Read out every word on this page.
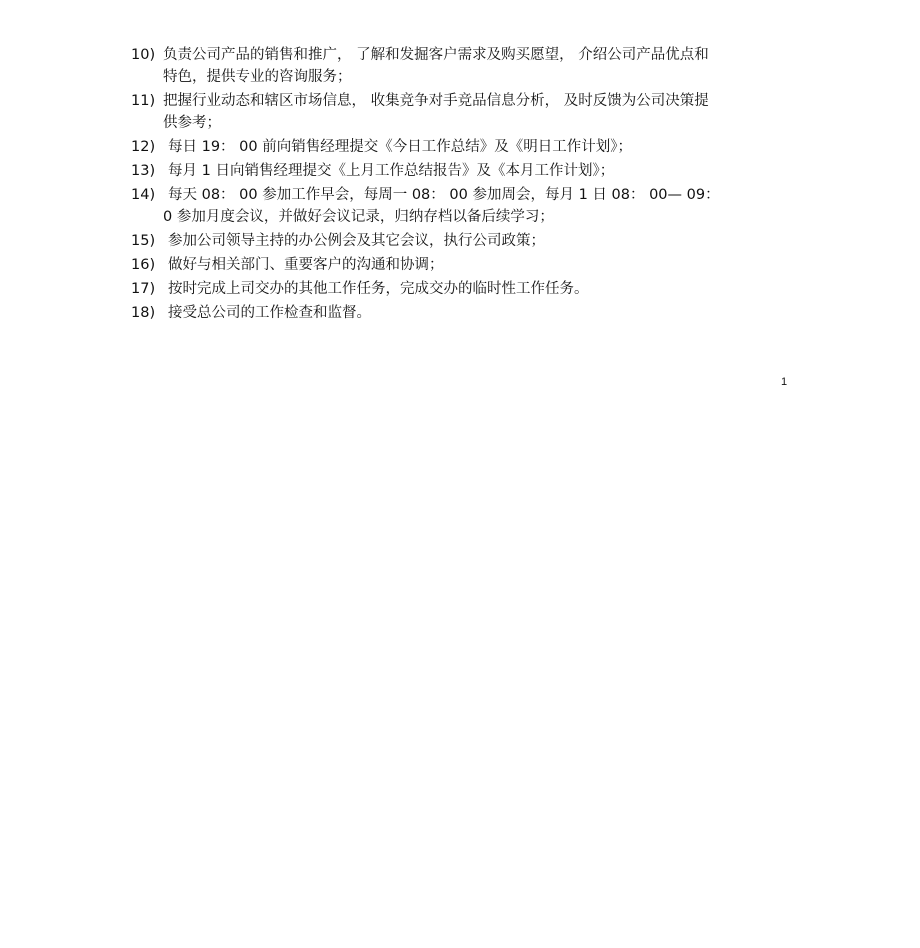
10) 负责公司产品的销售和推广， 了解和发掘客户需求及购买愿望， 介绍公司产品优点和
特色，提供专业的咨询服务；
11) 把握行业动态和辖区市场信息， 收集竞争对手竞品信息分析， 及时反馈为公司决策提
供参考；
12) 每日 19： 00 前向销售经理提交《今日工作总结》及《明日工作计划》；
13) 每月 1 日向销售经理提交《上月工作总结报告》及《本月工作计划》；
14) 每天 08： 00 参加工作早会，每周一 08： 00 参加周会，每月 1 日 08： 00— 09：
0 参加月度会议，并做好会议记录，归纳存档以备后续学习；
15) 参加公司领导主持的办公例会及其它会议，执行公司政策；
16) 做好与相关部门、重要客户的沟通和协调；
17) 按时完成上司交办的其他工作任务，完成交办的临时性工作任务。
18) 接受总公司的工作检查和监督。
1
